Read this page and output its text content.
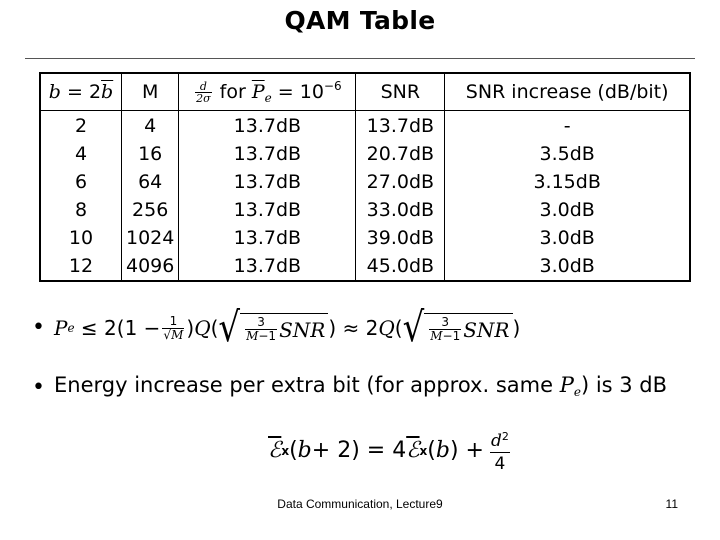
QAM Table
$b = 2\overline{b}$	M	$\frac{d}{2\sigma}$ for $\overline{P}_e = 10^{-6}$	SNR	SNR increase (dB/bit)
2	4	13.7dB	13.7dB	-
4	16	13.7dB	20.7dB	3.5dB
6	64	13.7dB	27.0dB	3.15dB
8	256	13.7dB	33.0dB	3.0dB
10	1024	13.7dB	39.0dB	3.0dB
12	4096	13.7dB	45.0dB	3.0dB
• P $e \le 2(1 - \frac{1}{√M}$ ) Q ( √ $\frac{3}{M-1}$ SNR ) ≈ 2 Q ( √ $\frac{3}{M-1}$ SNR )
• Energy increase per extra bit (for approx. same $P_e$) is 3 dB
ℰ x ( b + 2) = 4 ℰ x ( b ) + $\frac{d^2}{4}$
Data Communication, Lecture9	11
